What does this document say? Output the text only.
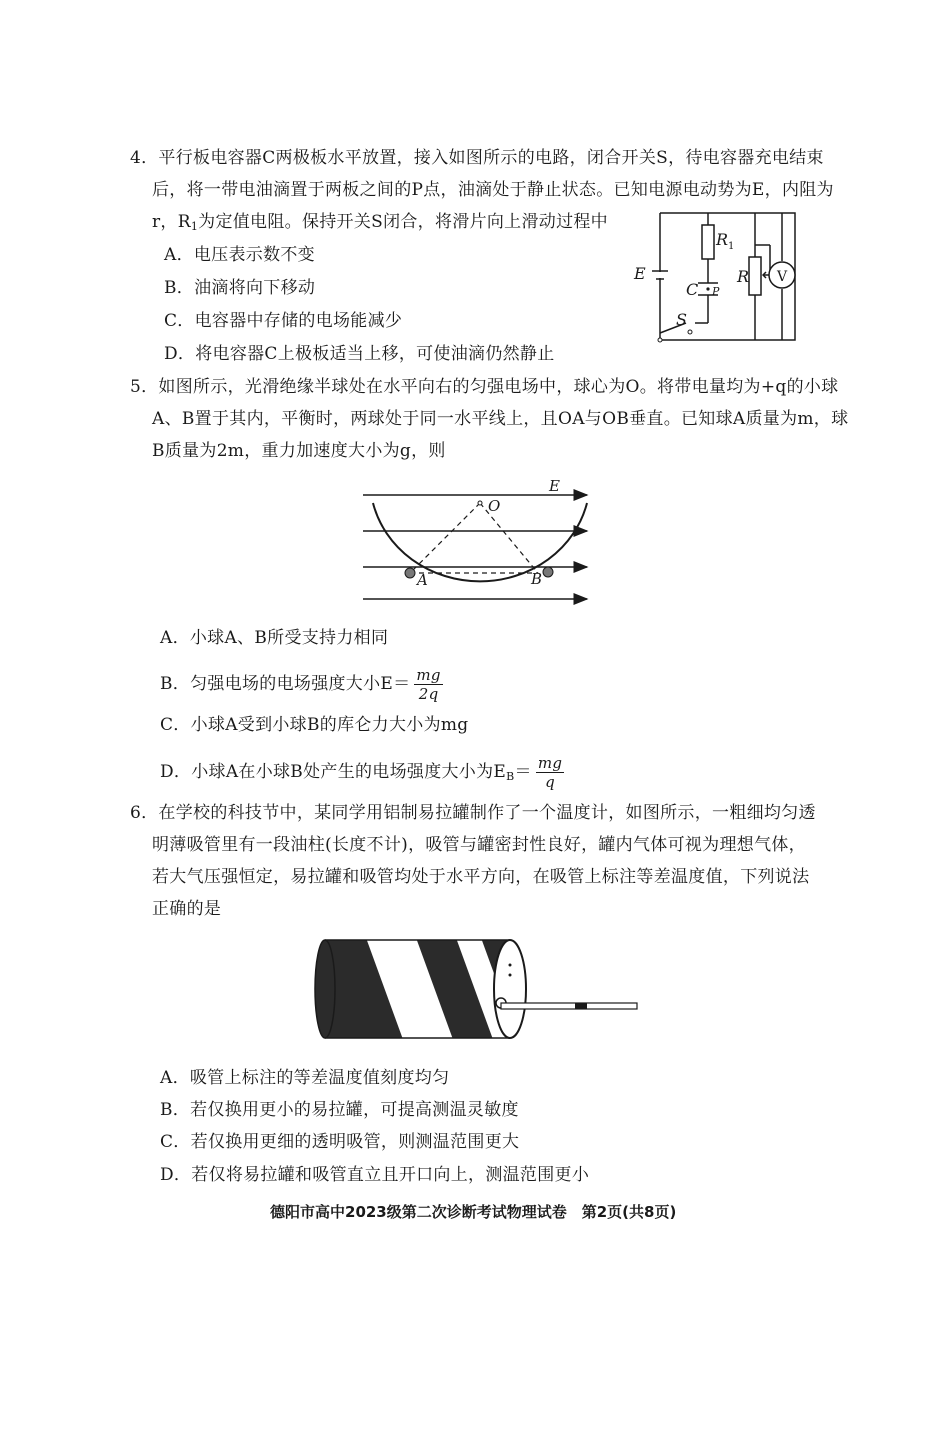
4．平行板电容器C两极板水平放置，接入如图所示的电路，闭合开关S，待电容器充电结束
后，将一带电油滴置于两板之间的P点，油滴处于静止状态。已知电源电动势为E，内阻为
r，$R_1$为定值电阻。保持开关S闭合，将滑片向上滑动过程中
A．电压表示数不变
B．油滴将向下移动
C．电容器中存储的电场能减少
D．将电容器C上极板适当上移，可使油滴仍然静止
E
$R_1$
C P
R V
S
5．如图所示，光滑绝缘半球处在水平向右的匀强电场中，球心为O。将带电量均为+q的小球
A、B置于其内，平衡时，两球处于同一水平线上，且OA与OB垂直。已知球A质量为m，球
B质量为2m，重力加速度大小为g，则
E
O
A	B
A．小球A、B所受支持力相同
B．匀强电场的电场强度大小$E= \frac{mg}{2q}$
C．小球A受到小球B的库仑力大小为mg
D．小球A在小球B处产生的电场强度大小为$E_B= \frac{mg}{q}$
6．在学校的科技节中，某同学用铝制易拉罐制作了一个温度计，如图所示，一粗细均匀透
明薄吸管里有一段油柱(长度不计)，吸管与罐密封性良好，罐内气体可视为理想气体，
若大气压强恒定，易拉罐和吸管均处于水平方向，在吸管上标注等差温度值，下列说法
正确的是
A．吸管上标注的等差温度值刻度均匀
B．若仅换用更小的易拉罐，可提高测温灵敏度
C．若仅换用更细的透明吸管，则测温范围更大
D．若仅将易拉罐和吸管直立且开口向上，测温范围更小
德阳市高中2023级第二次诊断考试物理试卷　第2页(共8页)
